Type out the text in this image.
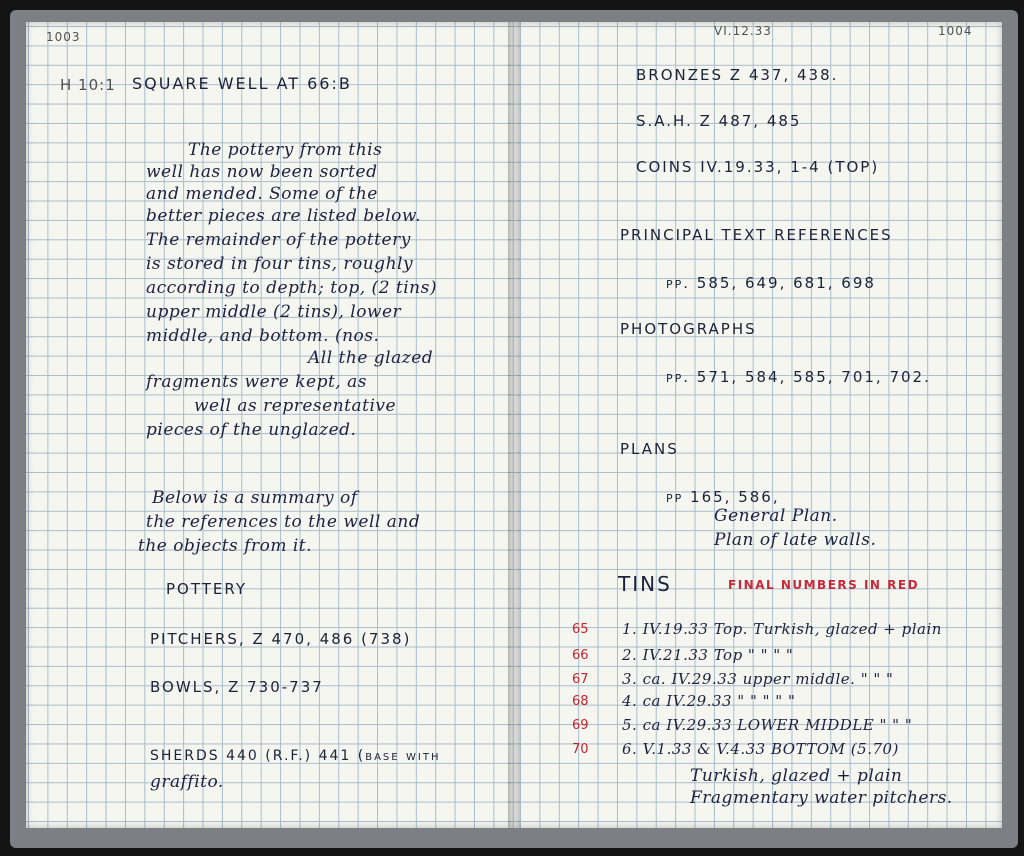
1003
H 10:1 SQUARE WELL AT 66:B
The pottery from this
well has now been sorted
and mended. Some of the
better pieces are listed below.
The remainder of the pottery
is stored in four tins, roughly
according to depth; top, (2 tins)
upper middle (2 tins), lower
middle, and bottom. (nos.
All the glazed
fragments were kept, as
well as representative
pieces of the unglazed.
Below is a summary of
the references to the well and
the objects from it.
POTTERY
PITCHERS, Z 470, 486 (738)
BOWLS, Z 730-737
SHERDS 440 (R.F.) 441 (base with
graffito.
VI.12.33	1004
BRONZES Z 437, 438.
S.A.H. Z 487, 485
COINS IV.19.33, 1-4 (TOP)
PRINCIPAL TEXT REFERENCES
pp. 585, 649, 681, 698
PHOTOGRAPHS
pp. 571, 584, 585, 701, 702.
PLANS
pp 165, 586,
General Plan.
Plan of late walls.
TINS	FINAL NUMBERS IN RED
65 1. IV.19.33 Top. Turkish, glazed + plain
66 2. IV.21.33 Top " " " "
67 3. ca. IV.29.33 upper middle. " " "
68 4. ca IV.29.33 " " " " "
69 5. ca IV.29.33 LOWER MIDDLE " " "
70 6. V.1.33 & V.4.33 BOTTOM (5.70)
Turkish, glazed + plain
Fragmentary water pitchers.
